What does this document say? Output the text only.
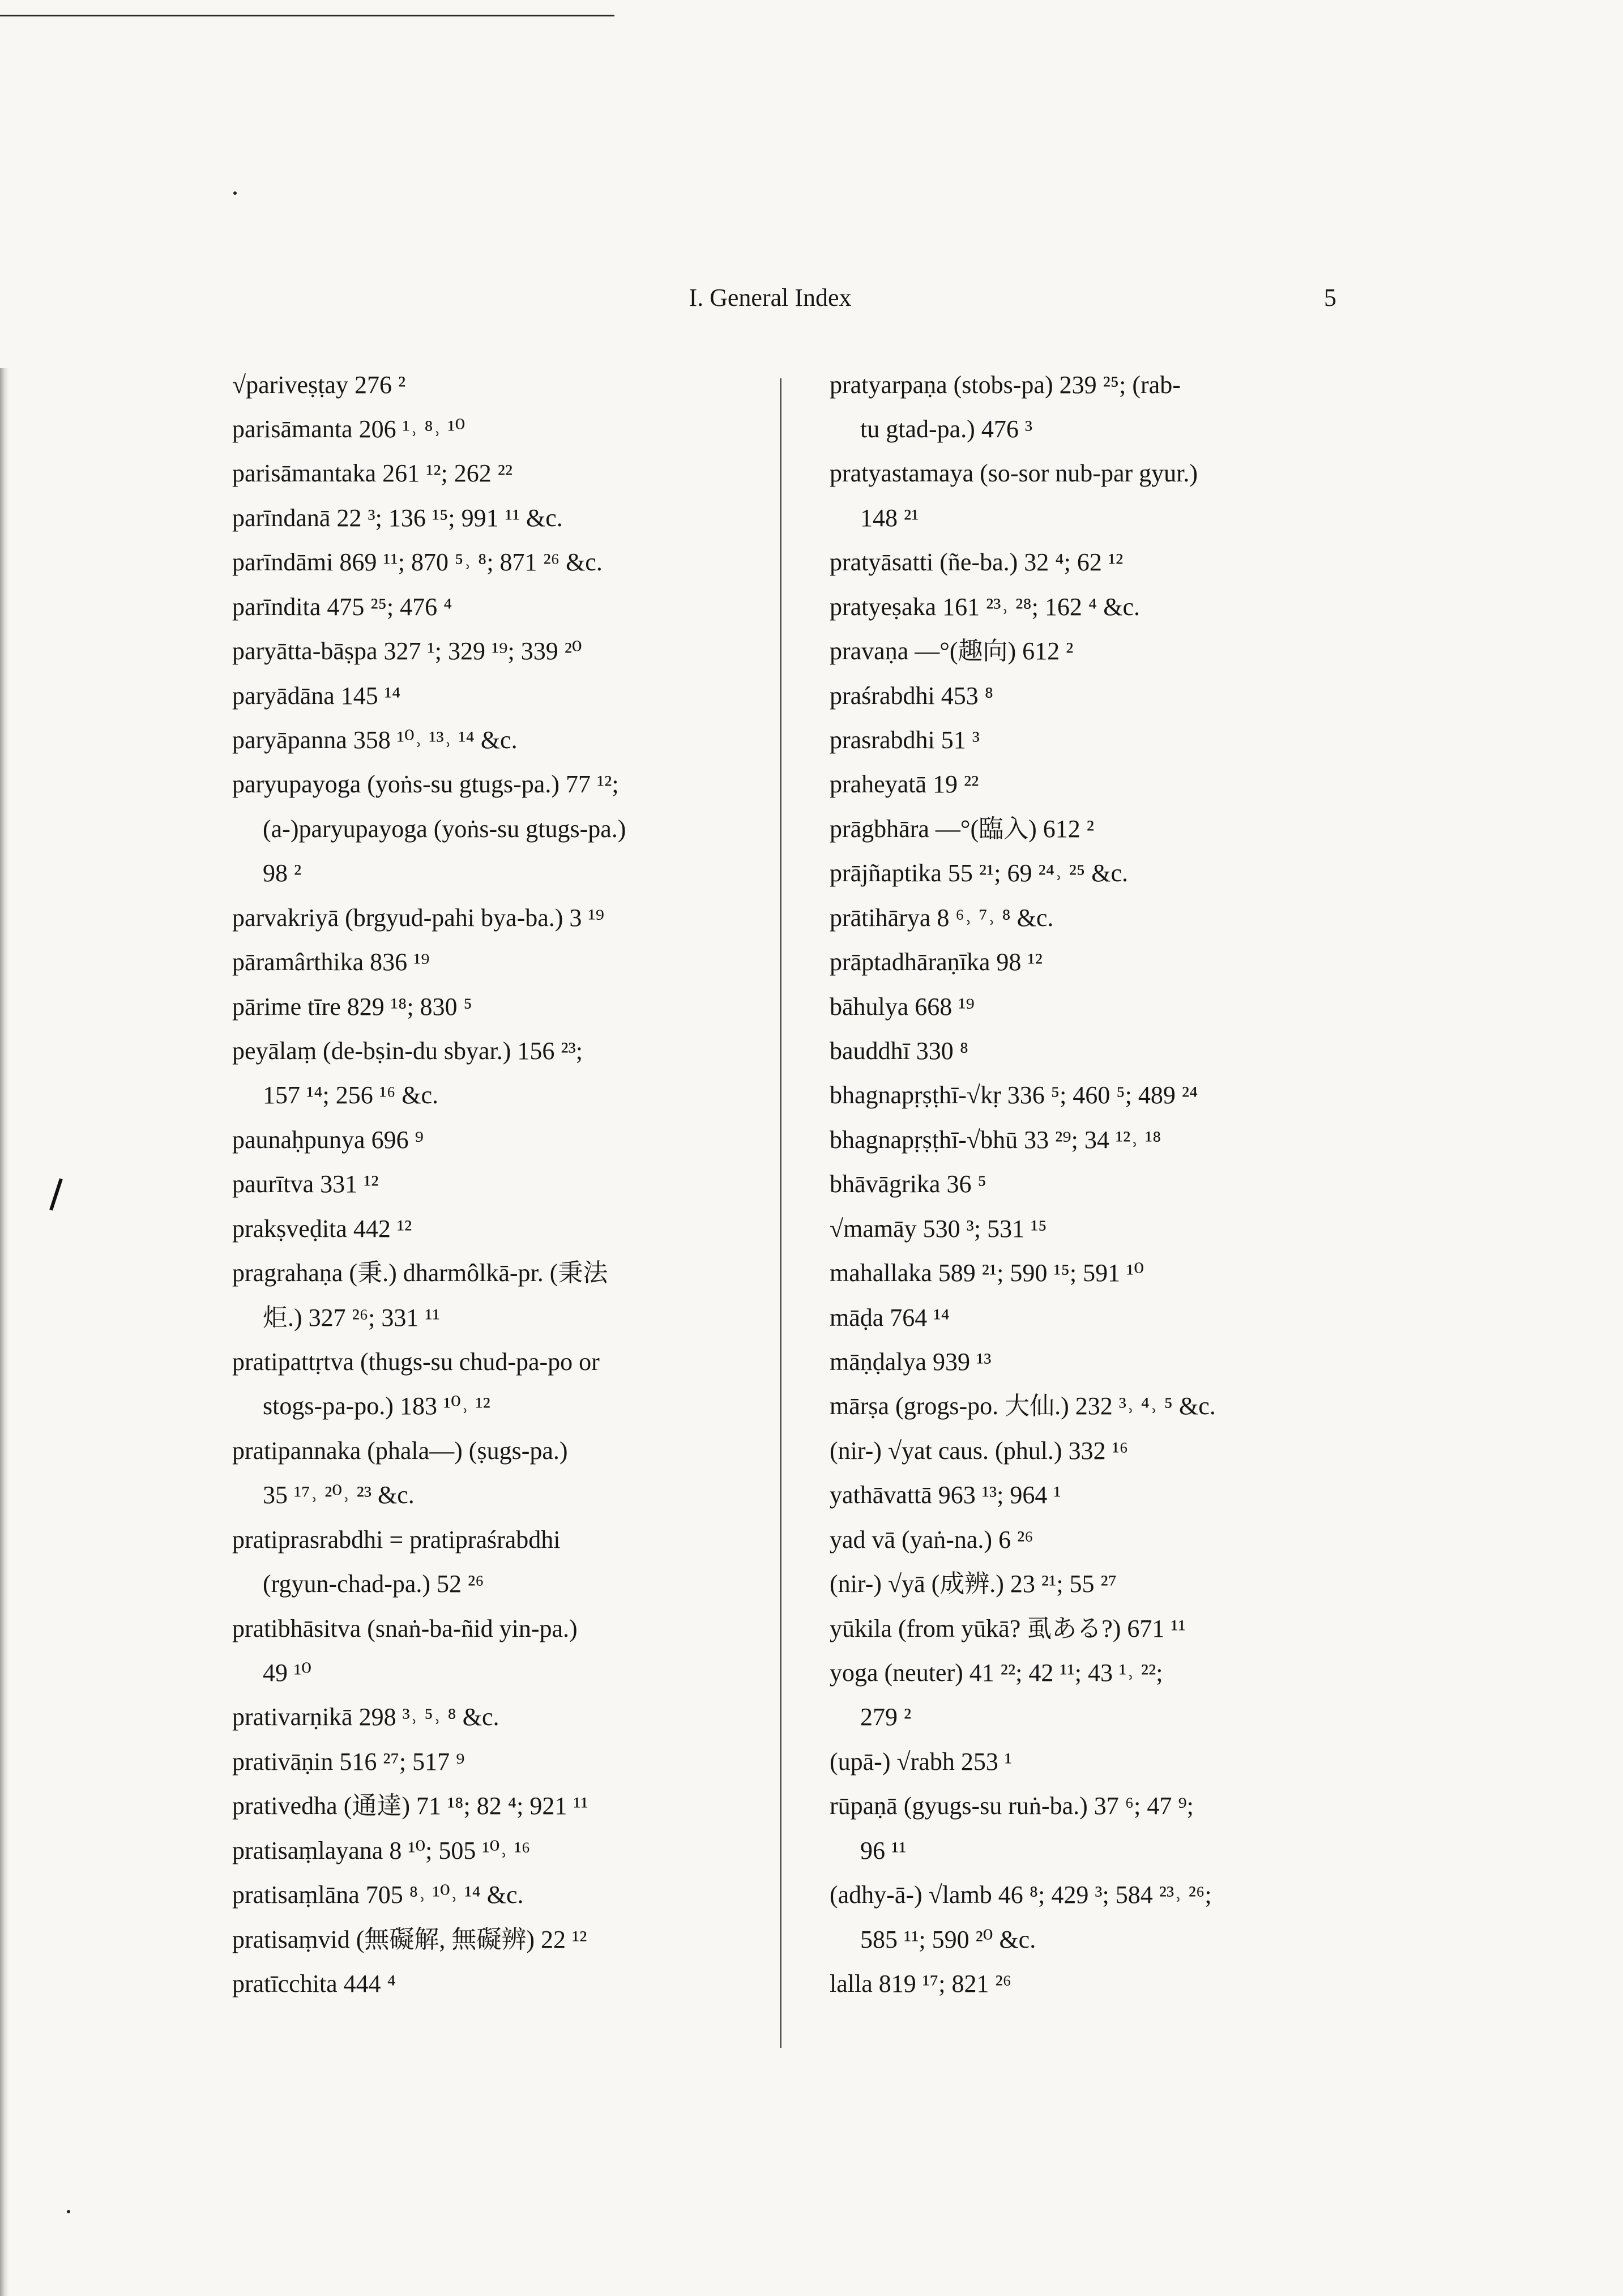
I. General Index	5
√pariveṣṭay 276 ²
parisāmanta 206 ¹˒ ⁸˒ ¹⁰
parisāmantaka 261 ¹²; 262 ²²
parīndanā 22 ³; 136 ¹⁵; 991 ¹¹ &c.
parīndāmi 869 ¹¹; 870 ⁵˒ ⁸; 871 ²⁶ &c.
parīndita 475 ²⁵; 476 ⁴
paryātta-bāṣpa 327 ¹; 329 ¹⁹; 339 ²⁰
paryādāna 145 ¹⁴
paryāpanna 358 ¹⁰˒ ¹³˒ ¹⁴ &c.
paryupayoga (yoṅs-su gtugs-pa.) 77 ¹²;
(a-)paryupayoga (yoṅs-su gtugs-pa.)
98 ²
parvakriyā (brgyud-pahi bya-ba.) 3 ¹⁹
pāramârthika 836 ¹⁹
pārime tīre 829 ¹⁸; 830 ⁵
peyālaṃ (de-bṣin-du sbyar.) 156 ²³;
157 ¹⁴; 256 ¹⁶ &c.
paunaḥpunya 696 ⁹
paurītva 331 ¹²
prakṣveḍita 442 ¹²
pragrahaṇa (秉.) dharmôlkā-pr. (秉法
炬.) 327 ²⁶; 331 ¹¹
pratipattṛtva (thugs-su chud-pa-po or
stogs-pa-po.) 183 ¹⁰˒ ¹²
pratipannaka (phala—) (ṣugs-pa.)
35 ¹⁷˒ ²⁰˒ ²³ &c.
pratiprasrabdhi = pratipraśrabdhi
(rgyun-chad-pa.) 52 ²⁶
pratibhāsitva (snaṅ-ba-ñid yin-pa.)
49 ¹⁰
prativarṇikā 298 ³˒ ⁵˒ ⁸ &c.
prativāṇin 516 ²⁷; 517 ⁹
prativedha (通達) 71 ¹⁸; 82 ⁴; 921 ¹¹
pratisaṃlayana 8 ¹⁰; 505 ¹⁰˒ ¹⁶
pratisaṃlāna 705 ⁸˒ ¹⁰˒ ¹⁴ &c.
pratisaṃvid (無礙解, 無礙辨) 22 ¹²
pratīcchita 444 ⁴
pratyarpaṇa (stobs-pa) 239 ²⁵; (rab-
tu gtad-pa.) 476 ³
pratyastamaya (so-sor nub-par gyur.)
148 ²¹
pratyāsatti (ñe-ba.) 32 ⁴; 62 ¹²
pratyeṣaka 161 ²³˒ ²⁸; 162 ⁴ &c.
pravaṇa —°(趣向) 612 ²
praśrabdhi 453 ⁸
prasrabdhi 51 ³
praheyatā 19 ²²
prāgbhāra —°(臨入) 612 ²
prājñaptika 55 ²¹; 69 ²⁴˒ ²⁵ &c.
prātihārya 8 ⁶˒ ⁷˒ ⁸ &c.
prāptadhāraṇīka 98 ¹²
bāhulya 668 ¹⁹
bauddhī 330 ⁸
bhagnapṛṣṭhī-√kṛ 336 ⁵; 460 ⁵; 489 ²⁴
bhagnapṛṣṭhī-√bhū 33 ²⁹; 34 ¹²˒ ¹⁸
bhāvāgrika 36 ⁵
√mamāy 530 ³; 531 ¹⁵
mahallaka 589 ²¹; 590 ¹⁵; 591 ¹⁰
māḍa 764 ¹⁴
māṇḍalya 939 ¹³
mārṣa (grogs-po. 大仙.) 232 ³˒ ⁴˒ ⁵ &c.
(nir-) √yat caus. (phul.) 332 ¹⁶
yathāvattā 963 ¹³; 964 ¹
yad vā (yaṅ-na.) 6 ²⁶
(nir-) √yā (成辨.) 23 ²¹; 55 ²⁷
yūkila (from yūkā? 虱ある?) 671 ¹¹
yoga (neuter) 41 ²²; 42 ¹¹; 43 ¹˒ ²²;
279 ²
(upā-) √rabh 253 ¹
rūpaṇā (gyugs-su ruṅ-ba.) 37 ⁶; 47 ⁹;
96 ¹¹
(adhy-ā-) √lamb 46 ⁸; 429 ³; 584 ²³˒ ²⁶;
585 ¹¹; 590 ²⁰ &c.
lalla 819 ¹⁷; 821 ²⁶
